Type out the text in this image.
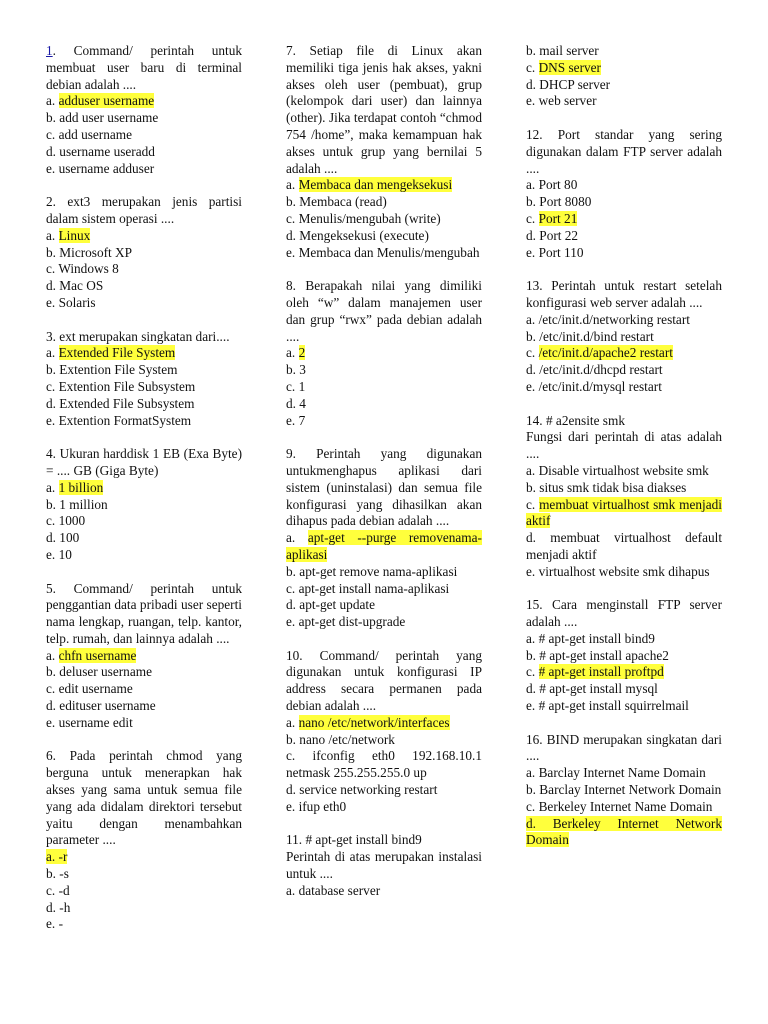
1. Command/ perintah untuk membuat user baru di terminal debian adalah ....
a. adduser username
b. add user username
c. add username
d. username useradd
e. username adduser
2. ext3 merupakan jenis partisi dalam sistem operasi ....
a. Linux
b. Microsoft XP
c. Windows 8
d. Mac OS
e. Solaris
3. ext merupakan singkatan dari....
a. Extended File System
b. Extention File System
c. Extention File Subsystem
d. Extended File Subsystem
e. Extention FormatSystem
4. Ukuran harddisk 1 EB (Exa Byte) = .... GB (Giga Byte)
a. 1 billion
b. 1 million
c. 1000
d. 100
e. 10
5. Command/ perintah untuk penggantian data pribadi user seperti nama lengkap, ruangan, telp. kantor, telp. rumah, dan lainnya adalah ....
a. chfn username
b. deluser username
c. edit username
d. edituser username
e. username edit
6. Pada perintah chmod yang berguna untuk menerapkan hak akses yang sama untuk semua file yang ada didalam direktori tersebut yaitu dengan menambahkan parameter ....
a. -r
b. -s
c. -d
d. -h
e. -
7. Setiap file di Linux akan memiliki tiga jenis hak akses, yakni akses oleh user (pembuat), grup (kelompok dari user) dan lainnya (other). Jika terdapat contoh “chmod 754 /home”, maka kemampuan hak akses untuk grup yang bernilai 5 adalah ....
a. Membaca dan mengeksekusi
b. Membaca (read)
c. Menulis/mengubah (write)
d. Mengeksekusi (execute)
e. Membaca dan Menulis/mengubah
8. Berapakah nilai yang dimiliki oleh “w” dalam manajemen user dan grup “rwx” pada debian adalah ....
a. 2
b. 3
c. 1
d. 4
e. 7
9. Perintah yang digunakan untukmenghapus aplikasi dari sistem (uninstalasi) dan semua file konfigurasi yang dihasilkan akan dihapus pada debian adalah ....
a. apt-get --purge removenama-aplikasi
b. apt-get remove nama-aplikasi
c. apt-get install nama-aplikasi
d. apt-get update
e. apt-get dist-upgrade
10. Command/ perintah yang digunakan untuk konfigurasi IP address secara permanen pada debian adalah ....
a. nano /etc/network/interfaces
b. nano /etc/network
c. ifconfig eth0 192.168.10.1 netmask 255.255.255.0 up
d. service networking restart
e. ifup eth0
11. # apt-get install bind9
Perintah di atas merupakan instalasi untuk ....
a. database server
b. mail server
c. DNS server
d. DHCP server
e. web server
12. Port standar yang sering digunakan dalam FTP server adalah ....
a. Port 80
b. Port 8080
c. Port 21
d. Port 22
e. Port 110
13. Perintah untuk restart setelah konfigurasi web server adalah ....
a. /etc/init.d/networking restart
b. /etc/init.d/bind restart
c. /etc/init.d/apache2 restart
d. /etc/init.d/dhcpd restart
e. /etc/init.d/mysql restart
14. # a2ensite smk
Fungsi dari perintah di atas adalah ....
a. Disable virtualhost website smk
b. situs smk tidak bisa diakses
c. membuat virtualhost smk menjadi aktif
d. membuat virtualhost default menjadi aktif
e. virtualhost website smk dihapus
15. Cara menginstall FTP server adalah ....
a. # apt-get install bind9
b. # apt-get install apache2
c. # apt-get install proftpd
d. # apt-get install mysql
e. # apt-get install squirrelmail
16. BIND merupakan singkatan dari ....
a. Barclay Internet Name Domain
b. Barclay Internet Network Domain
c. Berkeley Internet Name Domain
d. Berkeley Internet Network Domain
